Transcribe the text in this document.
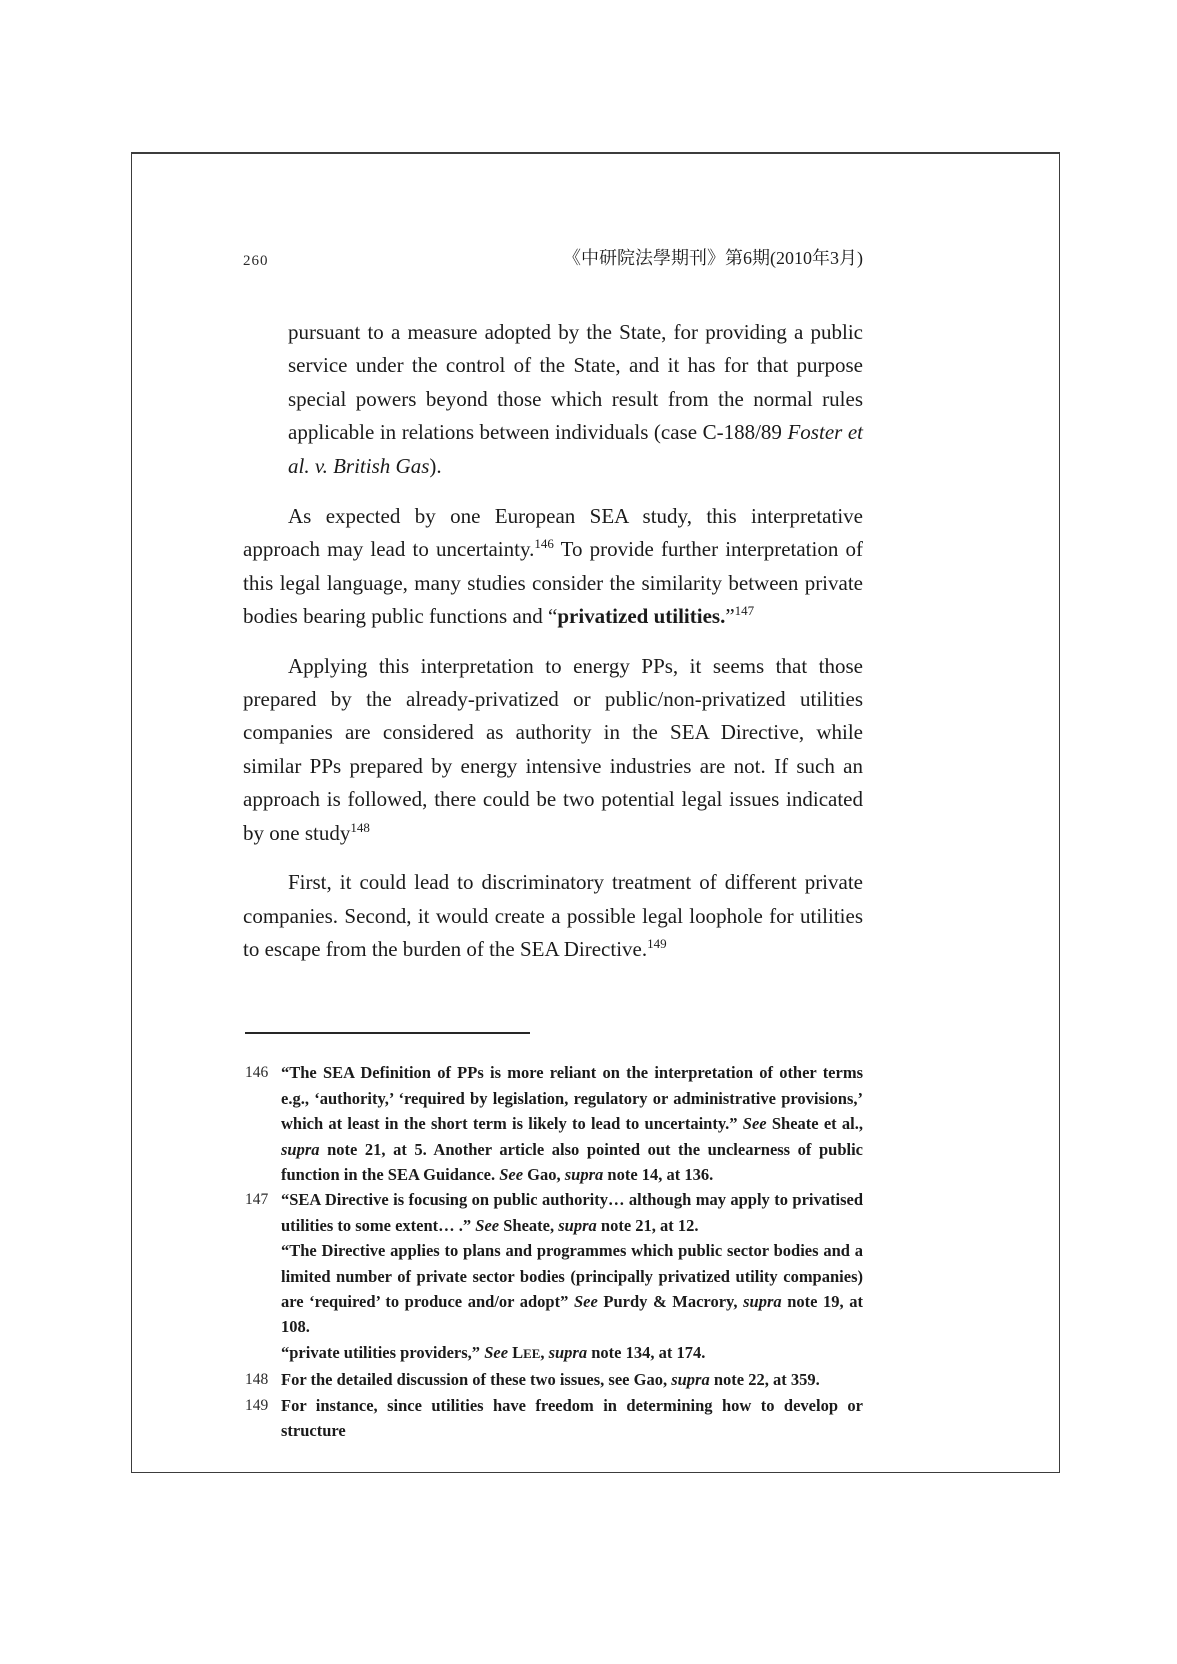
260	《中研院法學期刊》第6期(2010年3月)
pursuant to a measure adopted by the State, for providing a public service under the control of the State, and it has for that purpose special powers beyond those which result from the normal rules applicable in relations between individuals (case C-188/89 Foster et al. v. British Gas).
As expected by one European SEA study, this interpretative approach may lead to uncertainty.$^{146}$ To provide further interpretation of this legal language, many studies consider the similarity between private bodies bearing public functions and “privatized utilities.”$^{147}$
Applying this interpretation to energy PPs, it seems that those prepared by the already-privatized or public/non-privatized utilities companies are considered as authority in the SEA Directive, while similar PPs prepared by energy intensive industries are not. If such an approach is followed, there could be two potential legal issues indicated by one study$^{148}$
First, it could lead to discriminatory treatment of different private companies. Second, it would create a possible legal loophole for utilities to escape from the burden of the SEA Directive.$^{149}$
146 “The SEA Definition of PPs is more reliant on the interpretation of other terms e.g., ‘authority,’ ‘required by legislation, regulatory or administrative provisions,’ which at least in the short term is likely to lead to uncertainty.” See Sheate et al., supra note 21, at 5. Another article also pointed out the unclearness of public function in the SEA Guidance. See Gao, supra note 14, at 136.
147 “SEA Directive is focusing on public authority… although may apply to privatised utilities to some extent… .” See Sheate, supra note 21, at 12.
“The Directive applies to plans and programmes which public sector bodies and a limited number of private sector bodies (principally privatized utility companies) are ‘required’ to produce and/or adopt” See Purdy & Macrory, supra note 19, at 108.
“private utilities providers,” See LEE, supra note 134, at 174.
148 For the detailed discussion of these two issues, see Gao, supra note 22, at 359.
149 For instance, since utilities have freedom in determining how to develop or structure
